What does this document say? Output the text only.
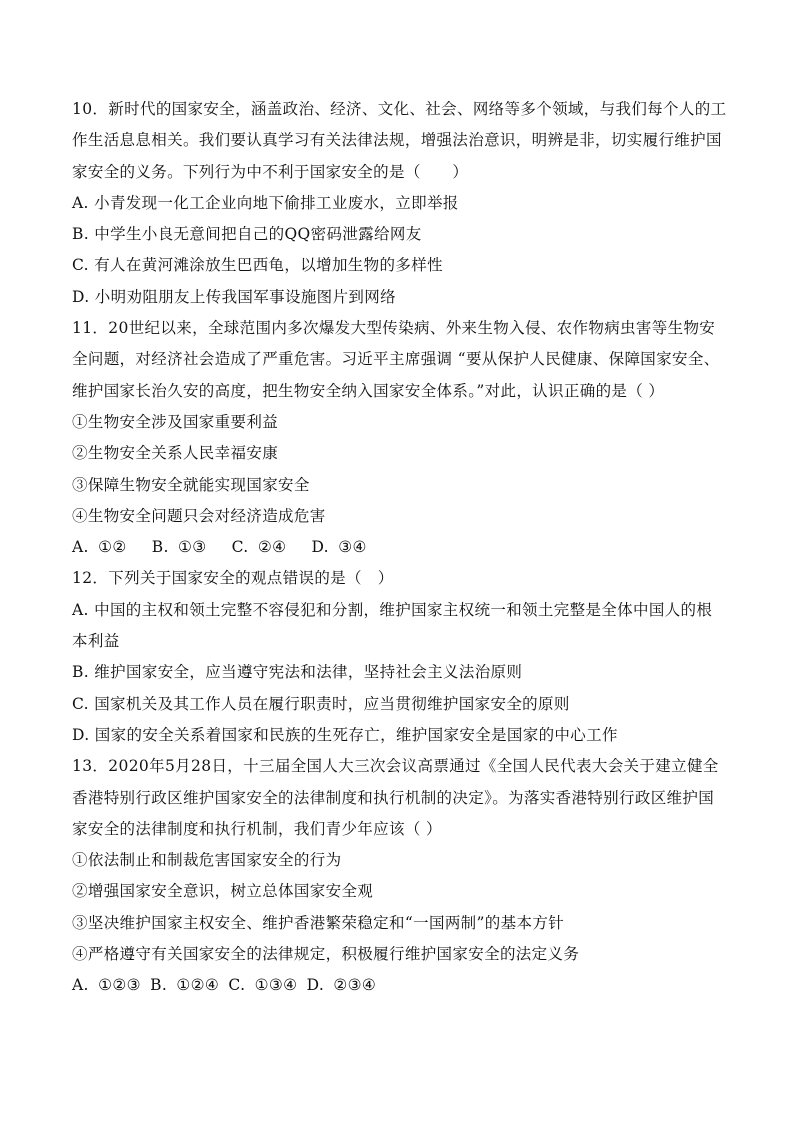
10．新时代的国家安全，涵盖政治、经济、文化、社会、网络等多个领域，与我们每个人的工
作生活息息相关。我们要认真学习有关法律法规，增强法治意识，明辨是非，切实履行维护国
家安全的义务。下列行为中不利于国家安全的是（　　）
A. 小青发现一化工企业向地下偷排工业废水，立即举报
B. 中学生小良无意间把自己的QQ密码泄露给网友
C. 有人在黄河滩涂放生巴西龟，以增加生物的多样性
D. 小明劝阻朋友上传我国军事设施图片到网络
11．20世纪以来，全球范围内多次爆发大型传染病、外来生物入侵、农作物病虫害等生物安
全问题，对经济社会造成了严重危害。习近平主席强调 “要从保护人民健康、保障国家安全、
维护国家长治久安的高度，把生物安全纳入国家安全体系。”对此，认识正确的是（ ）
①生物安全涉及国家重要利益
②生物安全关系人民幸福安康
③保障生物安全就能实现国家安全
④生物安全问题只会对经济造成危害
A. ①②　 B. ①③　 C. ②④　 D. ③④
12．下列关于国家安全的观点错误的是（　）
A. 中国的主权和领土完整不容侵犯和分割，维护国家主权统一和领土完整是全体中国人的根
本利益
B. 维护国家安全，应当遵守宪法和法律，坚持社会主义法治原则
C. 国家机关及其工作人员在履行职责时，应当贯彻维护国家安全的原则
D. 国家的安全关系着国家和民族的生死存亡，维护国家安全是国家的中心工作
13．2020年5月28日，十三届全国人大三次会议高票通过《全国人民代表大会关于建立健全
香港特别行政区维护国家安全的法律制度和执行机制的决定》。为落实香港特别行政区维护国
家安全的法律制度和执行机制，我们青少年应该（ ）
①依法制止和制裁危害国家安全的行为
②增强国家安全意识，树立总体国家安全观
③坚决维护国家主权安全、维护香港繁荣稳定和“一国两制”的基本方针
④严格遵守有关国家安全的法律规定，积极履行维护国家安全的法定义务
A. ①②③ B. ①②④ C. ①③④ D. ②③④
